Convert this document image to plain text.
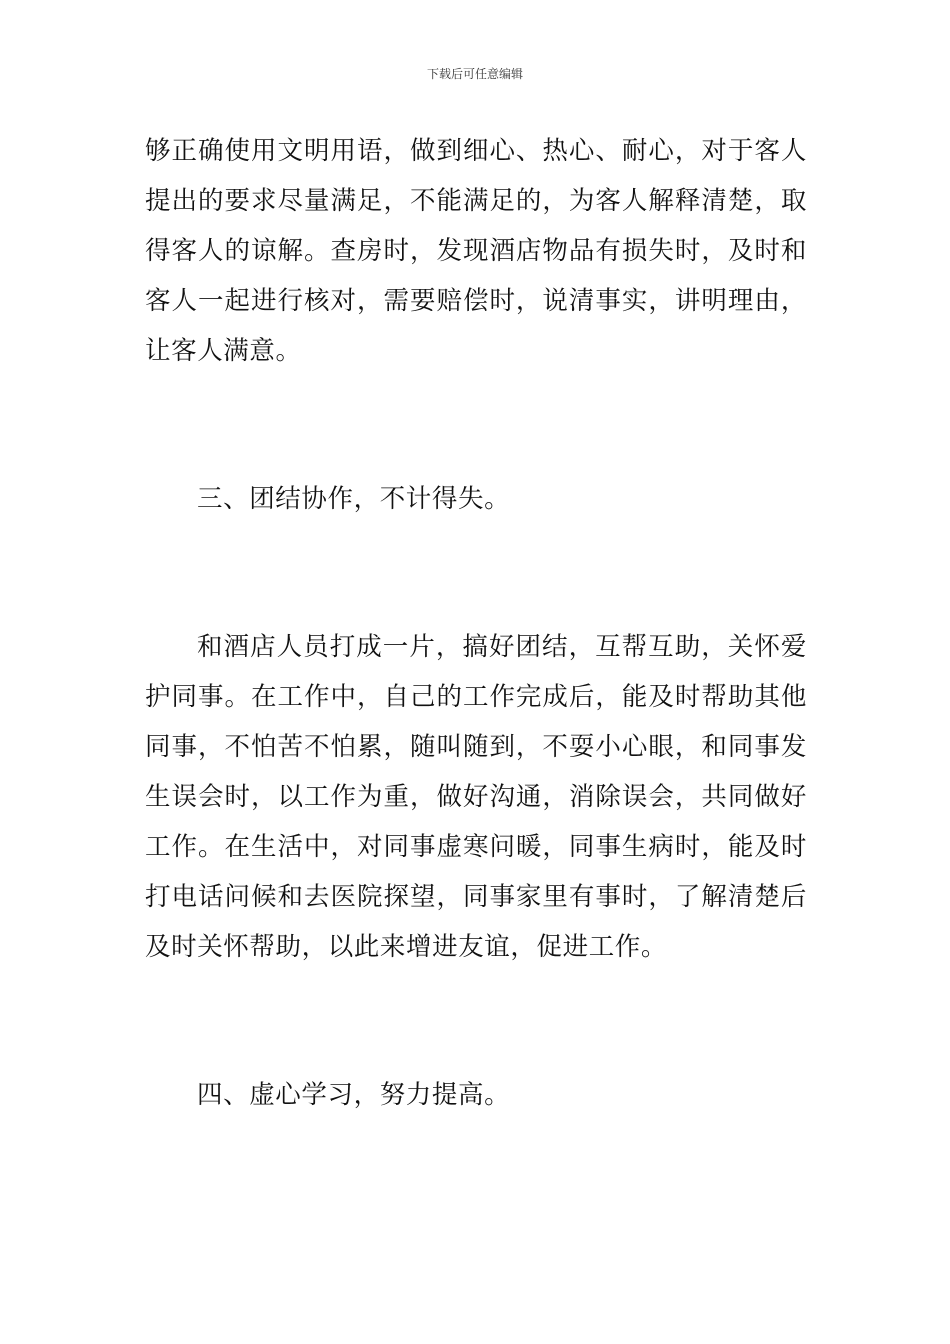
下载后可任意编辑

够正确使用文明用语，做到细心、热心、耐心，对于客人提出的要求尽量满足，不能满足的，为客人解释清楚，取得客人的谅解。查房时，发现酒店物品有损失时，及时和客人一起进行核对，需要赔偿时，说清事实，讲明理由，让客人满意。

三、团结协作，不计得失。

和酒店人员打成一片，搞好团结，互帮互助，关怀爱护同事。在工作中，自己的工作完成后，能及时帮助其他同事，不怕苦不怕累，随叫随到，不耍小心眼，和同事发生误会时，以工作为重，做好沟通，消除误会，共同做好工作。在生活中，对同事虚寒问暖，同事生病时，能及时打电话问候和去医院探望，同事家里有事时，了解清楚后及时关怀帮助，以此来增进友谊，促进工作。

四、虚心学习，努力提高。
